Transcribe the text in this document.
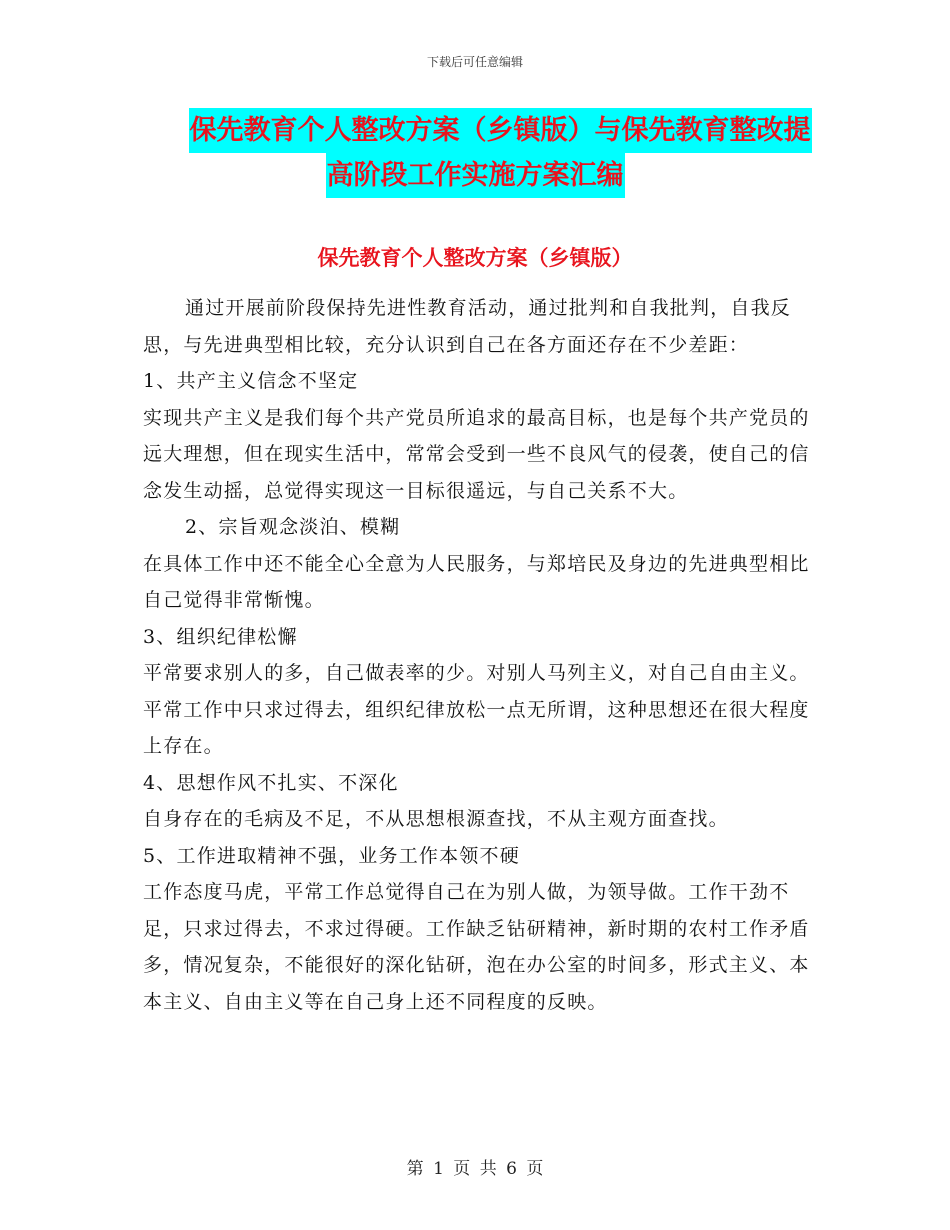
下载后可任意编辑
保先教育个人整改方案（乡镇版）与保先教育整改提
高阶段工作实施方案汇编
保先教育个人整改方案（乡镇版）

通过开展前阶段保持先进性教育活动，通过批判和自我批判，自我反思，与先进典型相比较，充分认识到自己在各方面还存在不少差距：

1、共产主义信念不坚定

实现共产主义是我们每个共产党员所追求的最高目标，也是每个共产党员的远大理想，但在现实生活中，常常会受到一些不良风气的侵袭，使自己的信念发生动摇，总觉得实现这一目标很遥远，与自己关系不大。

2、宗旨观念淡泊、模糊

在具体工作中还不能全心全意为人民服务，与郑培民及身边的先进典型相比自己觉得非常惭愧。

3、组织纪律松懈

平常要求别人的多，自己做表率的少。对别人马列主义，对自己自由主义。平常工作中只求过得去，组织纪律放松一点无所谓，这种思想还在很大程度上存在。

4、思想作风不扎实、不深化

自身存在的毛病及不足，不从思想根源查找，不从主观方面查找。

5、工作进取精神不强，业务工作本领不硬

工作态度马虎，平常工作总觉得自己在为别人做，为领导做。工作干劲不足，只求过得去，不求过得硬。工作缺乏钻研精神，新时期的农村工作矛盾多，情况复杂，不能很好的深化钻研，泡在办公室的时间多，形式主义、本本主义、自由主义等在自己身上还不同程度的反映。

第 1 页 共 6 页
